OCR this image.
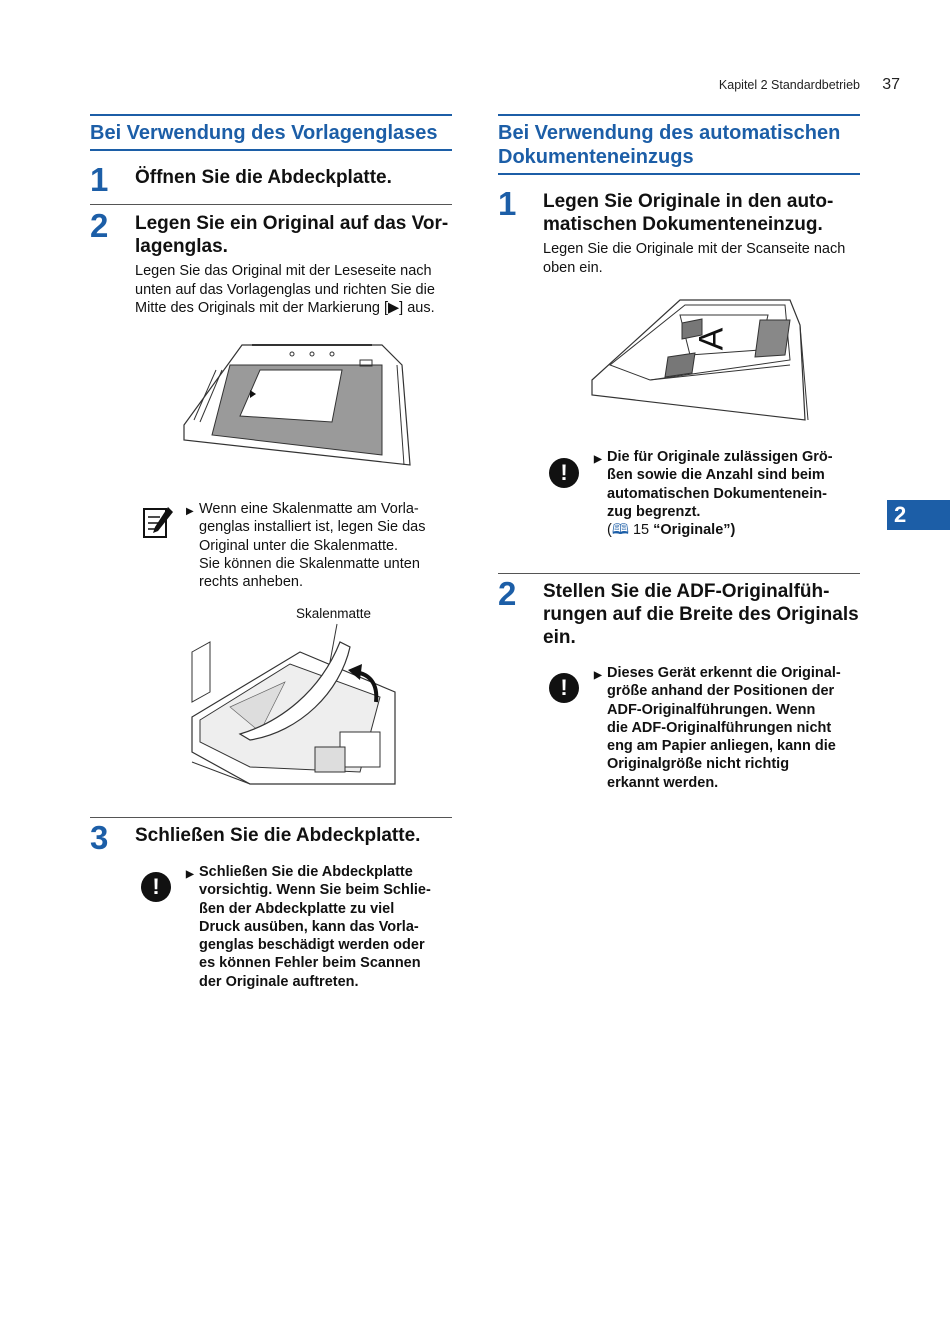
Kapitel 2 Standardbetrieb 37
2
Bei Verwendung des Vorlagenglases
1 Öffnen Sie die Abdeckplatte.
2 Legen Sie ein Original auf das Vor-
lagenglas.
Legen Sie das Original mit der Leseseite nach
unten auf das Vorlagenglas und richten Sie die
Mitte des Originals mit der Markierung [▶] aus.
▶ Wenn eine Skalenmatte am Vorla-
genglas installiert ist, legen Sie das
Original unter die Skalenmatte.
Sie können die Skalenmatte unten
rechts anheben.
Skalenmatte
3 Schließen Sie die Abdeckplatte.
!	▶ Schließen Sie die Abdeckplatte
vorsichtig. Wenn Sie beim Schlie-
ßen der Abdeckplatte zu viel
Druck ausüben, kann das Vorla-
genglas beschädigt werden oder
es können Fehler beim Scannen
der Originale auftreten.
Bei Verwendung des automatischen
Dokumenteneinzugs
1 Legen Sie Originale in den auto-
matischen Dokumenteneinzug.
Legen Sie die Originale mit der Scanseite nach
oben ein.
A
!
▶ Die für Originale zulässigen Grö-
ßen sowie die Anzahl sind beim
automatischen Dokumentenein-
zug begrenzt.
(🕮 15 “Originale”)
2 Stellen Sie die ADF-Originalfüh-
rungen auf die Breite des Originals
ein.
!	▶ Dieses Gerät erkennt die Original-
größe anhand der Positionen der
ADF-Originalführungen. Wenn
die ADF-Originalführungen nicht
eng am Papier anliegen, kann die
Originalgröße nicht richtig
erkannt werden.
